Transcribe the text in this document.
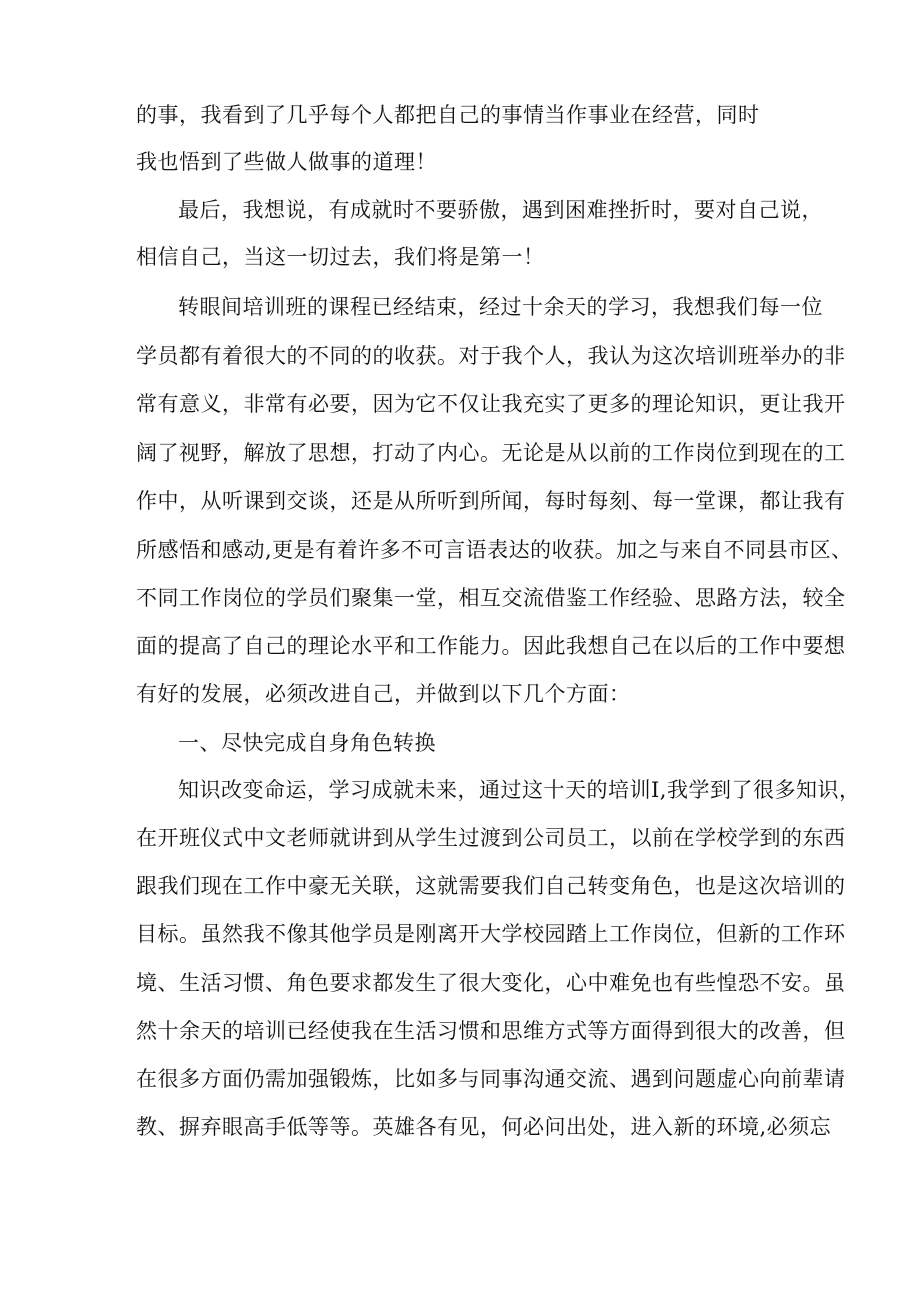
的事，我看到了几乎每个人都把自己的事情当作事业在经营，同时
我也悟到了些做人做事的道理！
最后，我想说，有成就时不要骄傲，遇到困难挫折时，要对自己说，
相信自己，当这一切过去，我们将是第一！
转眼间培训班的课程已经结束，经过十余天的学习，我想我们每一位
学员都有着很大的不同的的收获。对于我个人，我认为这次培训班举办的非
常有意义，非常有必要，因为它不仅让我充实了更多的理论知识，更让我开
阔了视野，解放了思想，打动了内心。无论是从以前的工作岗位到现在的工
作中，从听课到交谈，还是从所听到所闻，每时每刻、每一堂课，都让我有
所感悟和感动,更是有着许多不可言语表达的收获。加之与来自不同县市区、
不同工作岗位的学员们聚集一堂，相互交流借鉴工作经验、思路方法，较全
面的提高了自己的理论水平和工作能力。因此我想自己在以后的工作中要想
有好的发展，必须改进自己，并做到以下几个方面：
一、尽快完成自身角色转换
知识改变命运，学习成就未来，通过这十天的培训I,我学到了很多知识，
在开班仪式中文老师就讲到从学生过渡到公司员工，以前在学校学到的东西
跟我们现在工作中豪无关联，这就需要我们自己转变角色，也是这次培训的
目标。虽然我不像其他学员是刚离开大学校园踏上工作岗位，但新的工作环
境、生活习惯、角色要求都发生了很大变化，心中难免也有些惶恐不安。虽
然十余天的培训已经使我在生活习惯和思维方式等方面得到很大的改善，但
在很多方面仍需加强锻炼，比如多与同事沟通交流、遇到问题虚心向前辈请
教、摒弃眼高手低等等。英雄各有见，何必问出处，进入新的环境,必须忘
